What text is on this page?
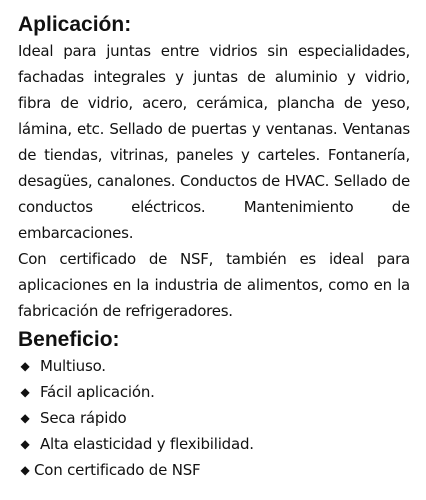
Aplicación:

Ideal para juntas entre vidrios sin especialidades, fachadas integrales y juntas de aluminio y vidrio, fibra de vidrio, acero, cerámica, plancha de yeso, lámina, etc. Sellado de puertas y ventanas. Ventanas de tiendas, vitrinas, paneles y carteles. Fontanería, desagües, canalones. Conductos de HVAC. Sellado de conductos eléctricos. Mantenimiento de embarcaciones.

Con certificado de NSF, también es ideal para aplicaciones en la industria de alimentos, como en la fabricación de refrigeradores.

Beneficio:
◆ Multiuso.
◆ Fácil aplicación.
◆ Seca rápido
◆ Alta elasticidad y flexibilidad.
◆ Con certificado de NSF
